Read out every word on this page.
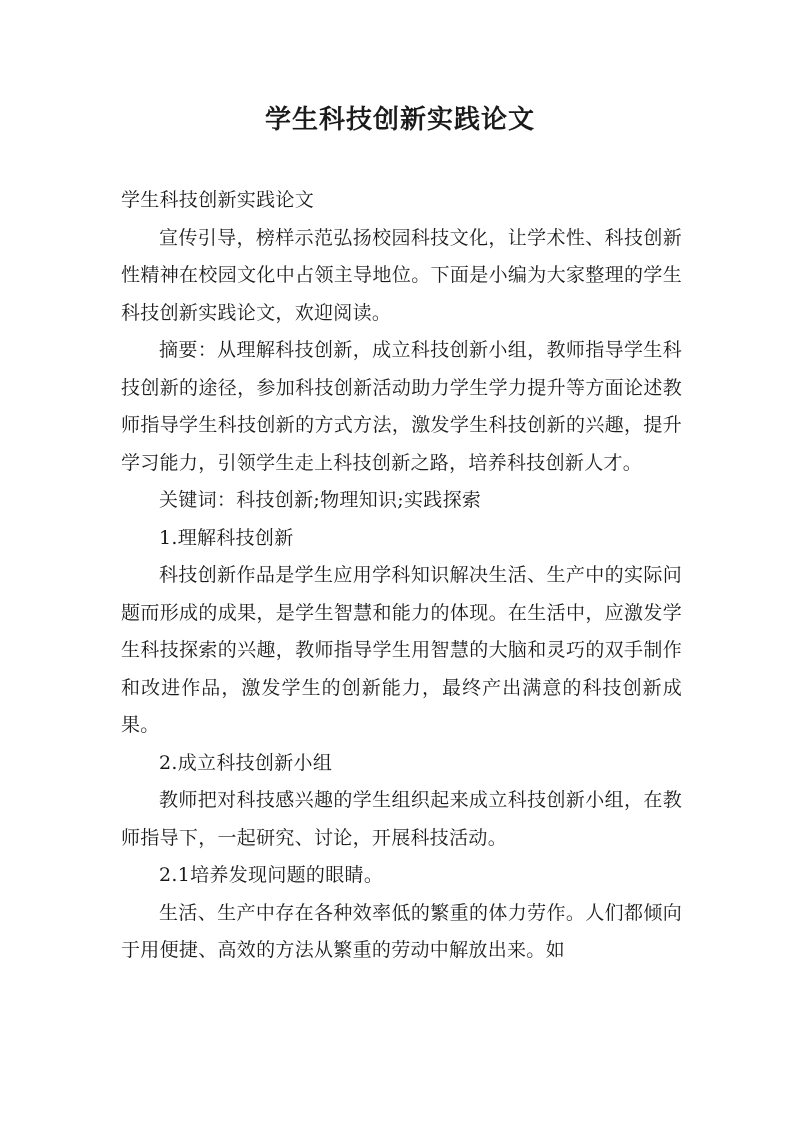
学生科技创新实践论文

学生科技创新实践论文

宣传引导，榜样示范弘扬校园科技文化，让学术性、科技创新性精神在校园文化中占领主导地位。下面是小编为大家整理的学生科技创新实践论文，欢迎阅读。

摘要：从理解科技创新，成立科技创新小组，教师指导学生科技创新的途径，参加科技创新活动助力学生学力提升等方面论述教师指导学生科技创新的方式方法，激发学生科技创新的兴趣，提升学习能力，引领学生走上科技创新之路，培养科技创新人才。

关键词：科技创新;物理知识;实践探索

1.理解科技创新

科技创新作品是学生应用学科知识解决生活、生产中的实际问题而形成的成果，是学生智慧和能力的体现。在生活中，应激发学生科技探索的兴趣，教师指导学生用智慧的大脑和灵巧的双手制作和改进作品，激发学生的创新能力，最终产出满意的科技创新成果。

2.成立科技创新小组

教师把对科技感兴趣的学生组织起来成立科技创新小组，在教师指导下，一起研究、讨论，开展科技活动。

2.1培养发现问题的眼睛。

生活、生产中存在各种效率低的繁重的体力劳作。人们都倾向于用便捷、高效的方法从繁重的劳动中解放出来。如
